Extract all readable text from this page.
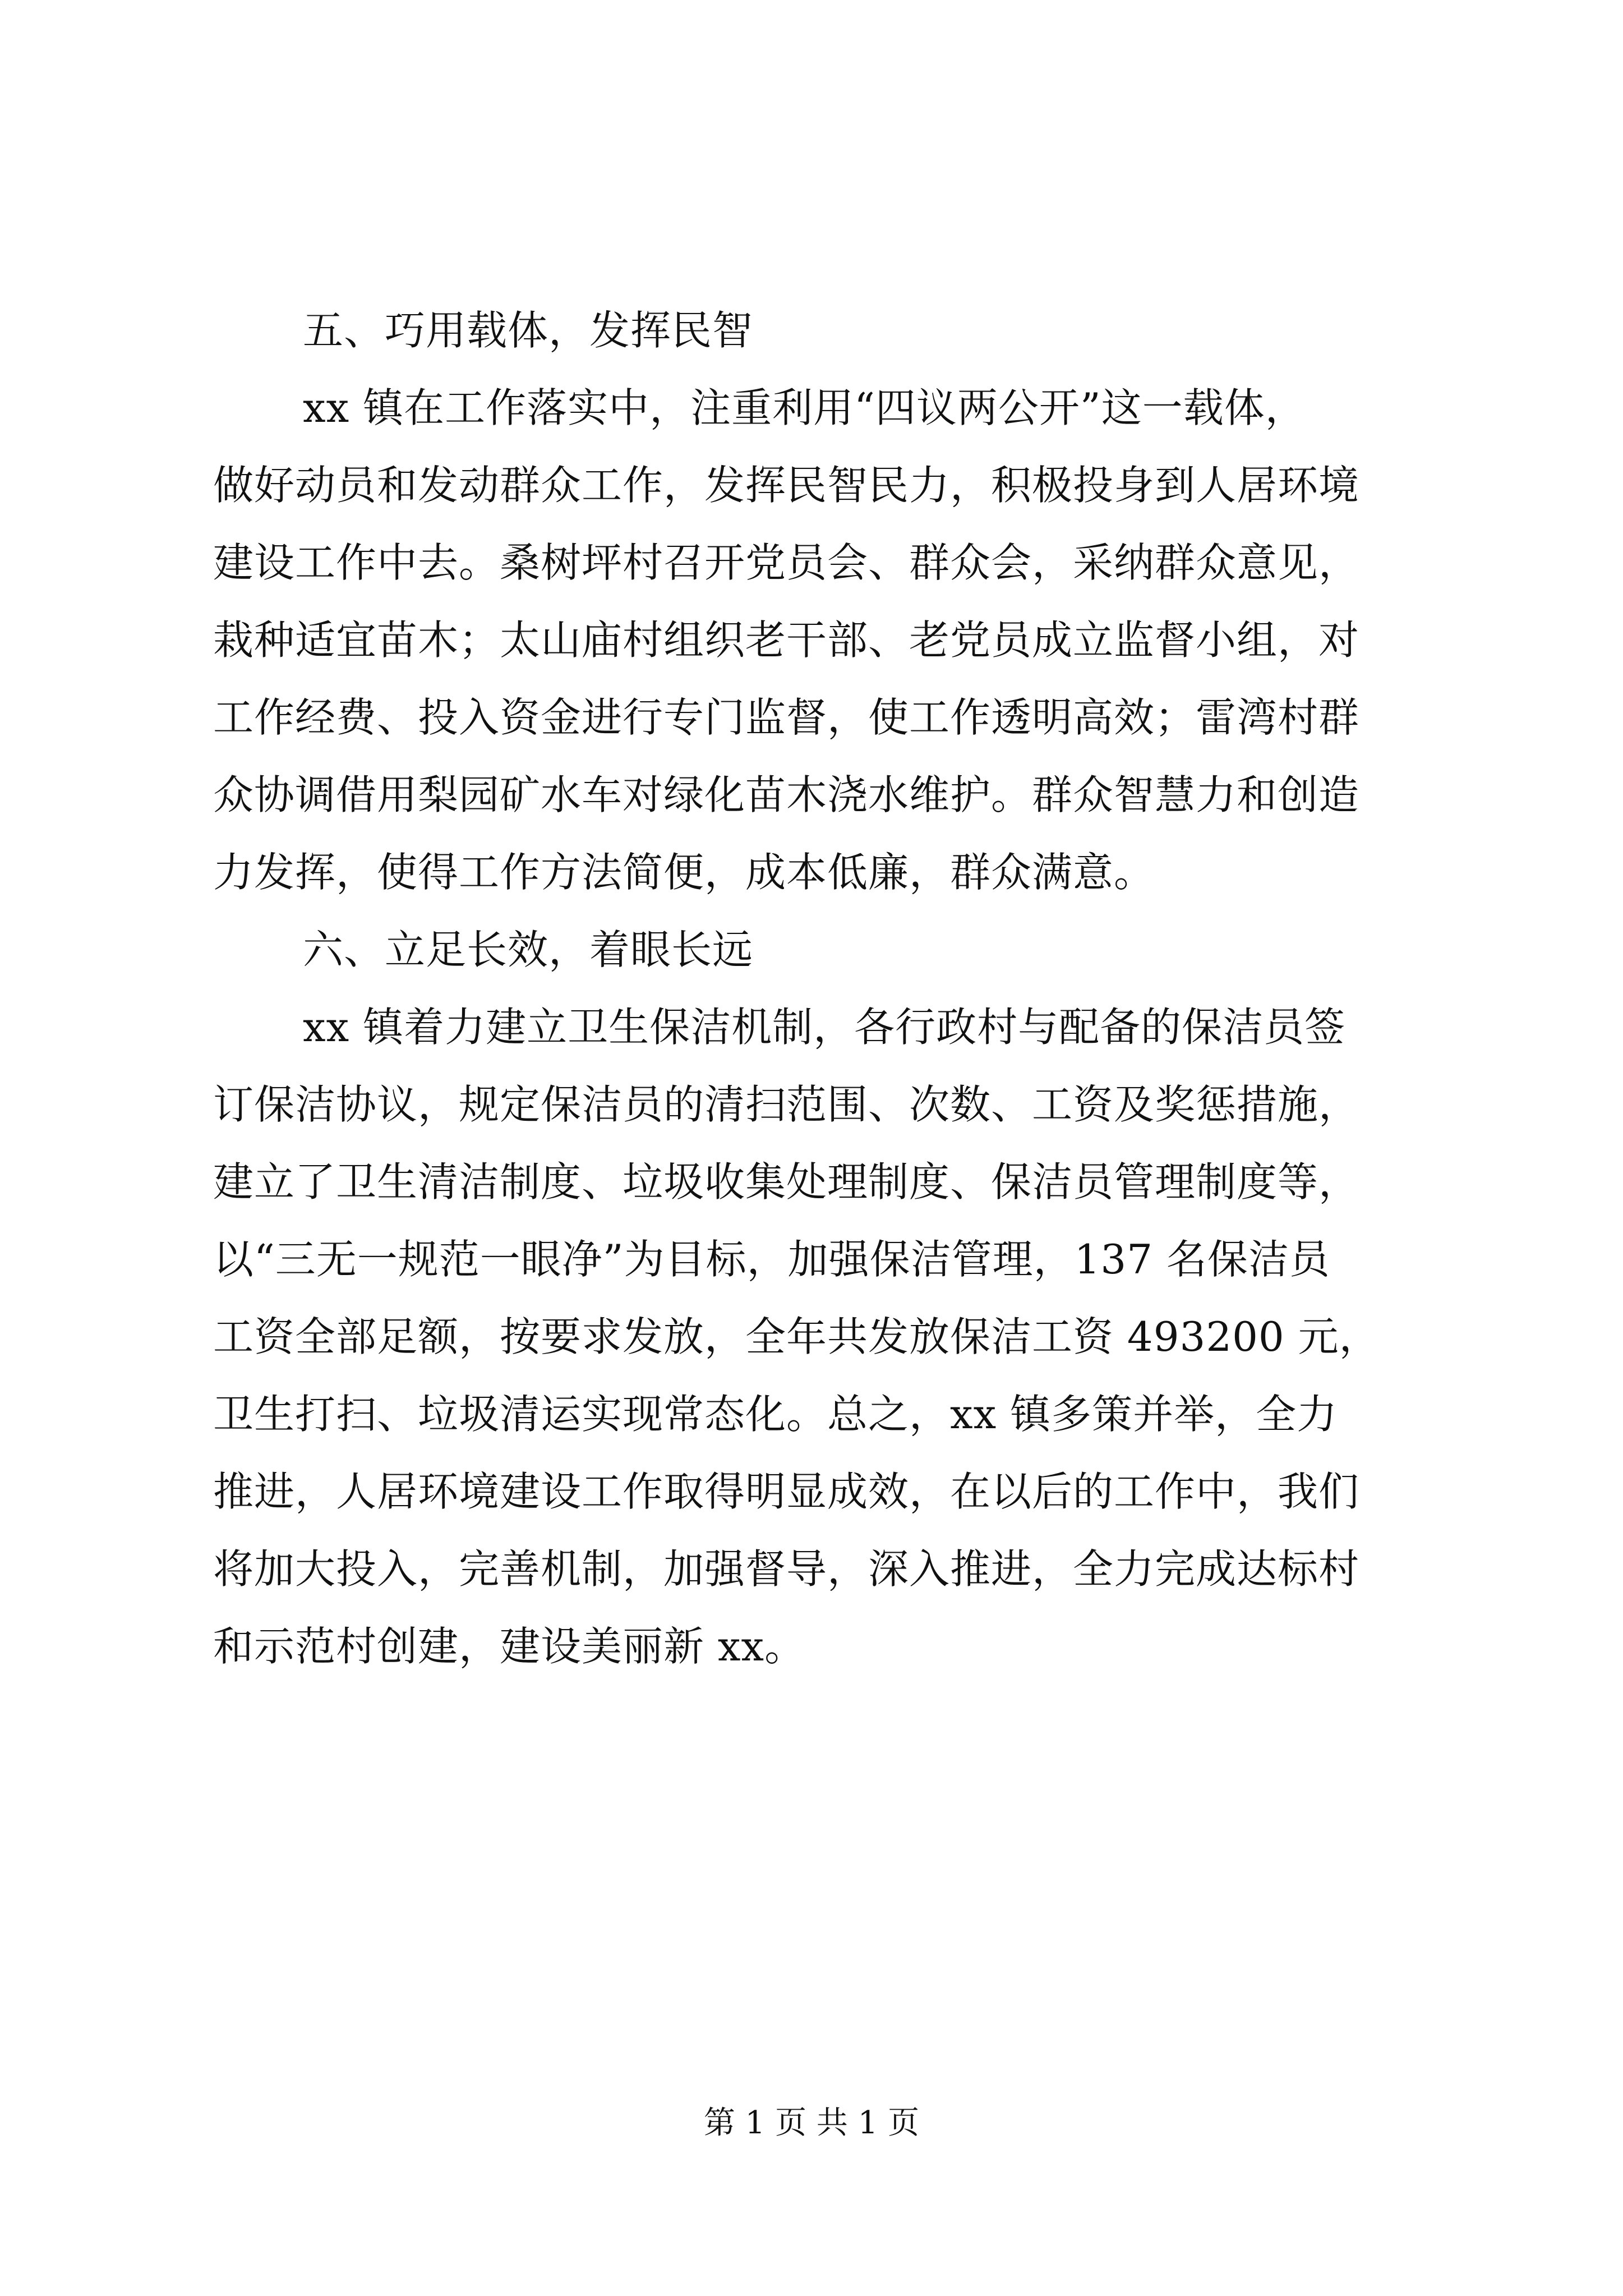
五、巧用载体，发挥民智
xx 镇在工作落实中，注重利用“四议两公开”这一载体，
做好动员和发动群众工作，发挥民智民力，积极投身到人居环境
建设工作中去。桑树坪村召开党员会、群众会，采纳群众意见，
栽种适宜苗木；太山庙村组织老干部、老党员成立监督小组，对
工作经费、投入资金进行专门监督，使工作透明高效；雷湾村群
众协调借用梨园矿水车对绿化苗木浇水维护。群众智慧力和创造
力发挥，使得工作方法简便，成本低廉，群众满意。
六、立足长效，着眼长远
xx 镇着力建立卫生保洁机制，各行政村与配备的保洁员签
订保洁协议，规定保洁员的清扫范围、次数、工资及奖惩措施，
建立了卫生清洁制度、垃圾收集处理制度、保洁员管理制度等，
以“三无一规范一眼净”为目标，加强保洁管理，137 名保洁员
工资全部足额，按要求发放，全年共发放保洁工资 493200 元，
卫生打扫、垃圾清运实现常态化。总之，xx 镇多策并举，全力
推进，人居环境建设工作取得明显成效，在以后的工作中，我们
将加大投入，完善机制，加强督导，深入推进，全力完成达标村
和示范村创建，建设美丽新 xx。
第 1 页 共 1 页
